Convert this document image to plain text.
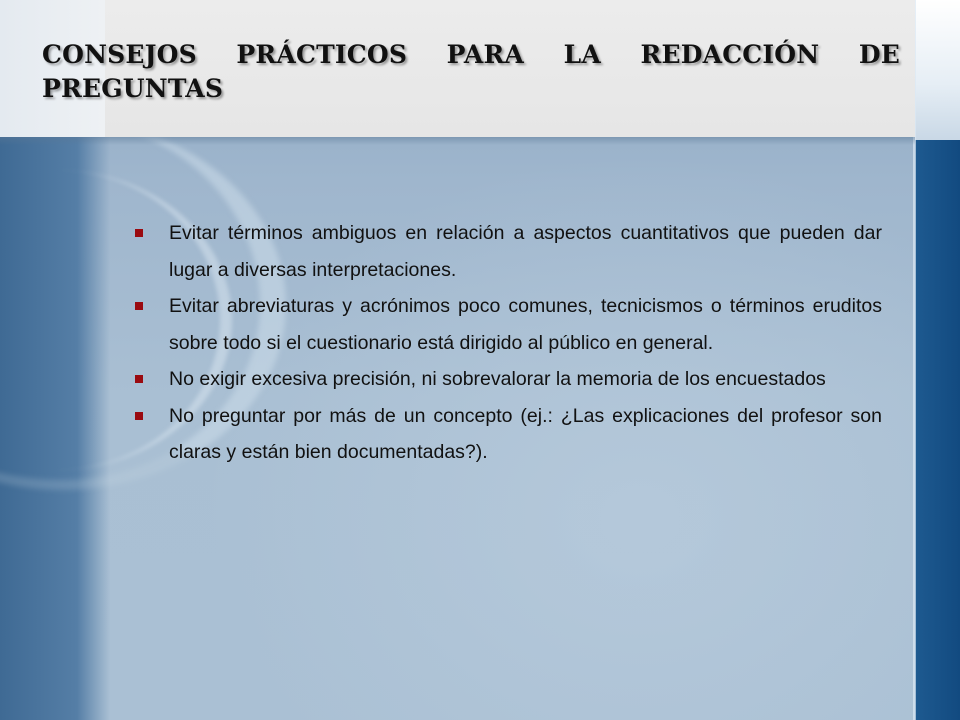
CONSEJOS PRÁCTICOS PARA LA REDACCIÓN DE
PREGUNTAS
Evitar términos ambiguos en relación a aspectos cuantitativos que pueden dar lugar a diversas interpretaciones.
Evitar abreviaturas y acrónimos poco comunes, tecnicismos o términos eruditos sobre todo si el cuestionario está dirigido al público en general.
No exigir excesiva precisión, ni sobrevalorar la memoria de los encuestados
No preguntar por más de un concepto (ej.: ¿Las explicaciones del profesor son claras y están bien documentadas?).
